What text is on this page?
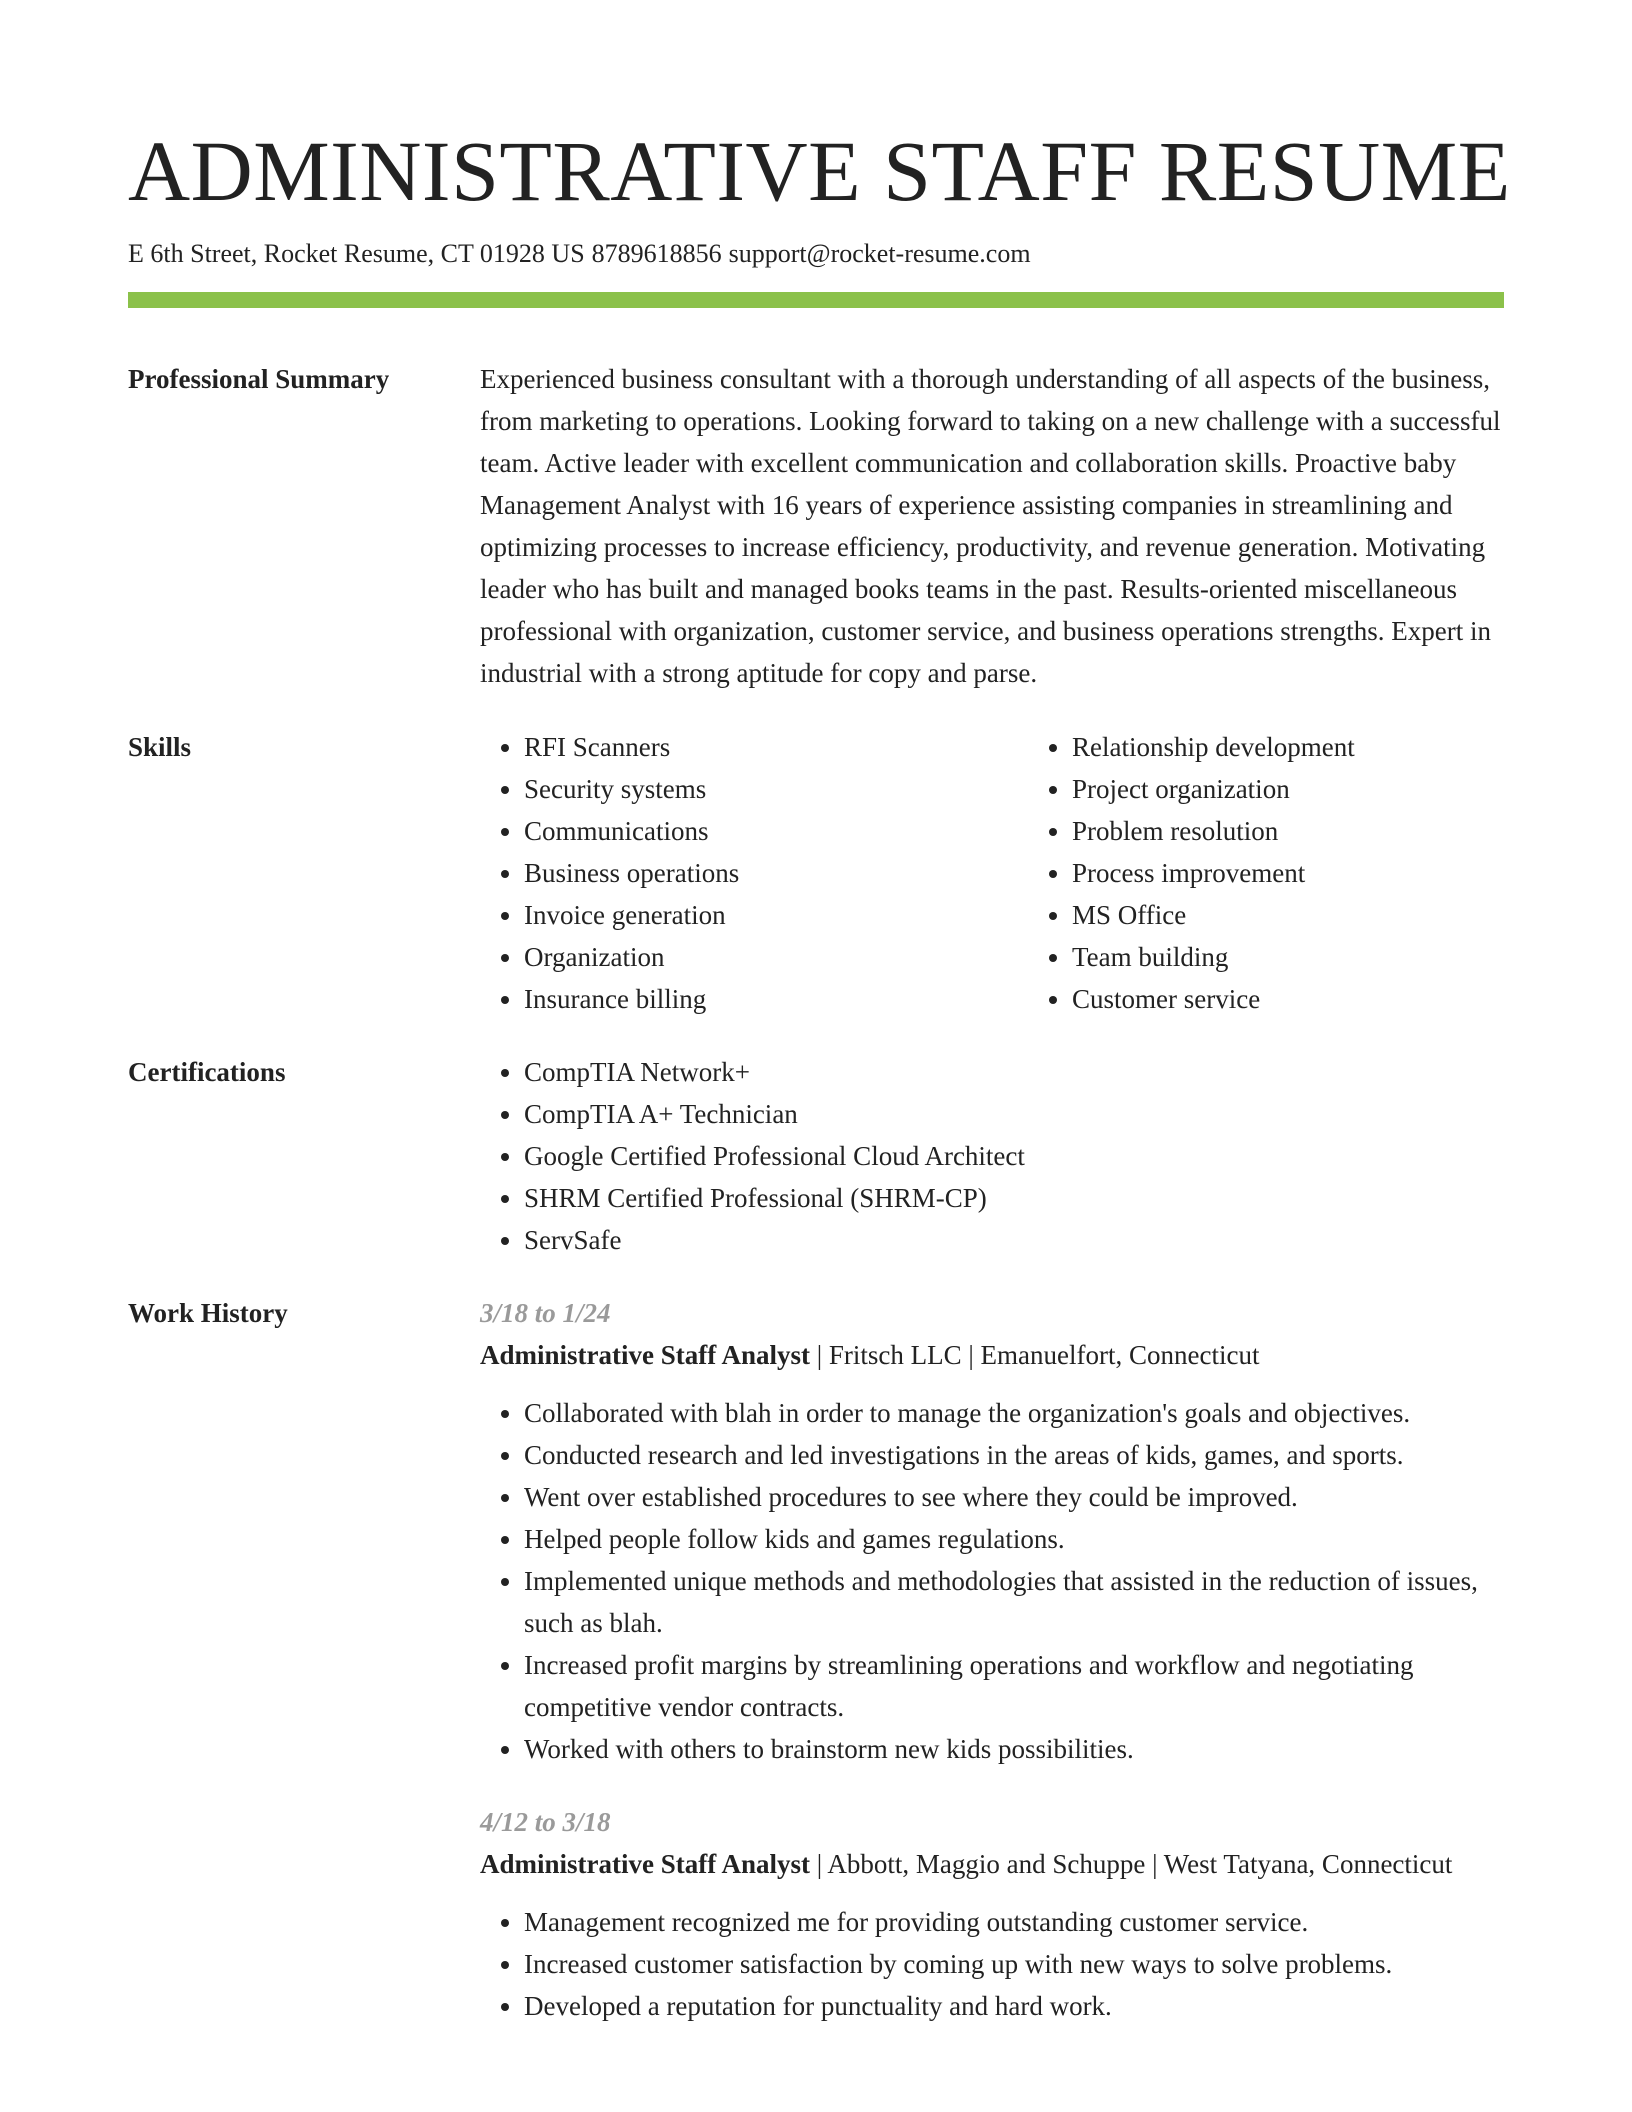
ADMINISTRATIVE STAFF RESUME
E 6th Street, Rocket Resume, CT 01928 US 8789618856 support@rocket-resume.com
Professional Summary	Experienced business consultant with a thorough understanding of all aspects of the business, from marketing to operations. Looking forward to taking on a new challenge with a successful team. Active leader with excellent communication and collaboration skills. Proactive baby Management Analyst with 16 years of experience assisting companies in streamlining and optimizing processes to increase efficiency, productivity, and revenue generation. Motivating leader who has built and managed books teams in the past. Results-oriented miscellaneous professional with organization, customer service, and business operations strengths. Expert in industrial with a strong aptitude for copy and parse.
Skills	• RFI Scanners
• Security systems
• Communications
• Business operations
• Invoice generation
• Organization
• Insurance billing
• Relationship development
• Project organization
• Problem resolution
• Process improvement
• MS Office
• Team building
• Customer service
Certifications	• CompTIA Network+
• CompTIA A+ Technician
• Google Certified Professional Cloud Architect
• SHRM Certified Professional (SHRM-CP)
• ServSafe
Work History	3/18 to 1/24
Administrative Staff Analyst | Fritsch LLC | Emanuelfort, Connecticut
• Collaborated with blah in order to manage the organization's goals and objectives.
• Conducted research and led investigations in the areas of kids, games, and sports.
• Went over established procedures to see where they could be improved.
• Helped people follow kids and games regulations.
• Implemented unique methods and methodologies that assisted in the reduction of issues, such as blah.
• Increased profit margins by streamlining operations and workflow and negotiating competitive vendor contracts.
• Worked with others to brainstorm new kids possibilities.
4/12 to 3/18
Administrative Staff Analyst | Abbott, Maggio and Schuppe | West Tatyana, Connecticut
• Management recognized me for providing outstanding customer service.
• Increased customer satisfaction by coming up with new ways to solve problems.
• Developed a reputation for punctuality and hard work.
